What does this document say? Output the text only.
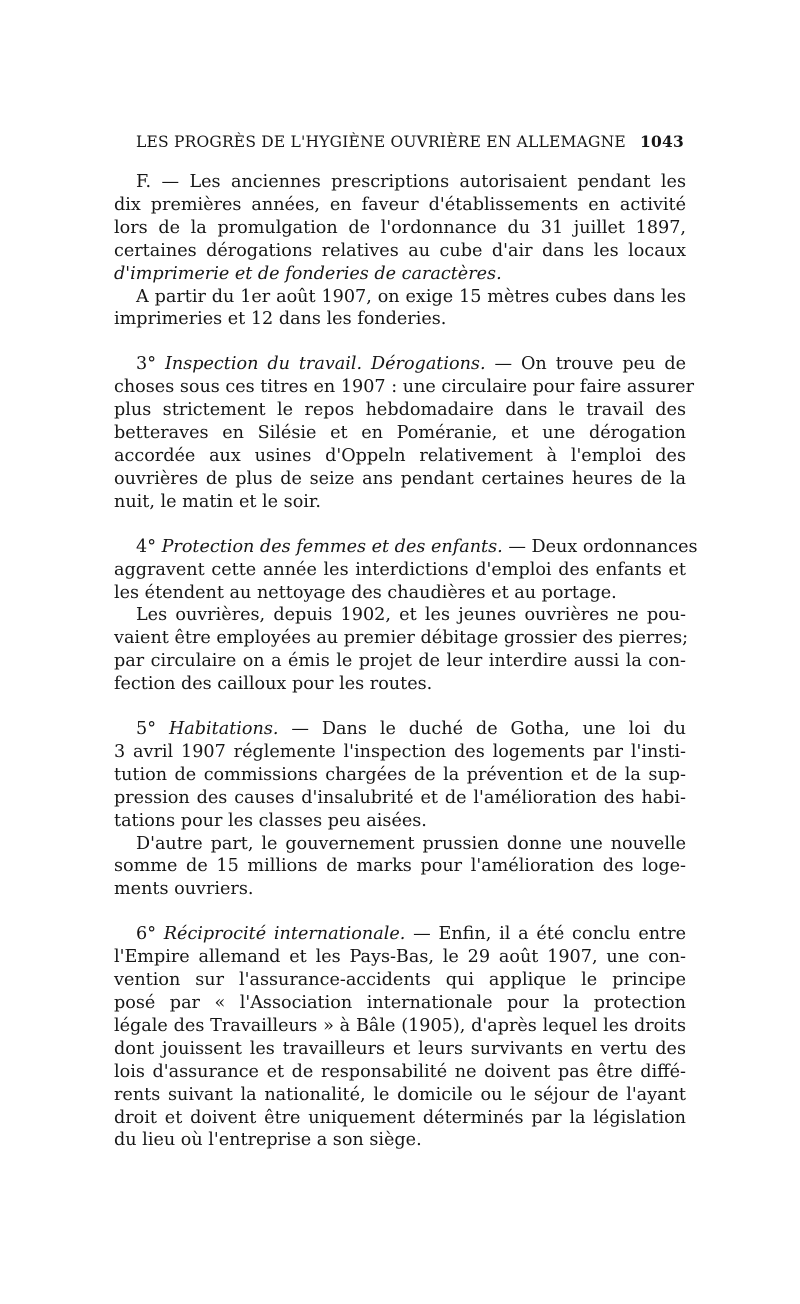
LES PROGRÈS DE L'HYGIÈNE OUVRIÈRE EN ALLEMAGNE 1043
F. — Les anciennes prescriptions autorisaient pendant les
dix premières années, en faveur d'établissements en activité
lors de la promulgation de l'ordonnance du 31 juillet 1897,
certaines dérogations relatives au cube d'air dans les locaux
d'imprimerie et de fonderies de caractères.
A partir du 1er août 1907, on exige 15 mètres cubes dans les
imprimeries et 12 dans les fonderies.
3° Inspection du travail. Dérogations. — On trouve peu de
choses sous ces titres en 1907 : une circulaire pour faire assurer
plus strictement le repos hebdomadaire dans le travail des
betteraves en Silésie et en Poméranie, et une dérogation
accordée aux usines d'Oppeln relativement à l'emploi des
ouvrières de plus de seize ans pendant certaines heures de la
nuit, le matin et le soir.
4° Protection des femmes et des enfants. — Deux ordonnances
aggravent cette année les interdictions d'emploi des enfants et
les étendent au nettoyage des chaudières et au portage.
Les ouvrières, depuis 1902, et les jeunes ouvrières ne pou-
vaient être employées au premier débitage grossier des pierres;
par circulaire on a émis le projet de leur interdire aussi la con-
fection des cailloux pour les routes.
5° Habitations. — Dans le duché de Gotha, une loi du
3 avril 1907 réglemente l'inspection des logements par l'insti-
tution de commissions chargées de la prévention et de la sup-
pression des causes d'insalubrité et de l'amélioration des habi-
tations pour les classes peu aisées.
D'autre part, le gouvernement prussien donne une nouvelle
somme de 15 millions de marks pour l'amélioration des loge-
ments ouvriers.
6° Réciprocité internationale. — Enfin, il a été conclu entre
l'Empire allemand et les Pays-Bas, le 29 août 1907, une con-
vention sur l'assurance-accidents qui applique le principe
posé par « l'Association internationale pour la protection
légale des Travailleurs » à Bâle (1905), d'après lequel les droits
dont jouissent les travailleurs et leurs survivants en vertu des
lois d'assurance et de responsabilité ne doivent pas être diffé-
rents suivant la nationalité, le domicile ou le séjour de l'ayant
droit et doivent être uniquement déterminés par la législation
du lieu où l'entreprise a son siège.
